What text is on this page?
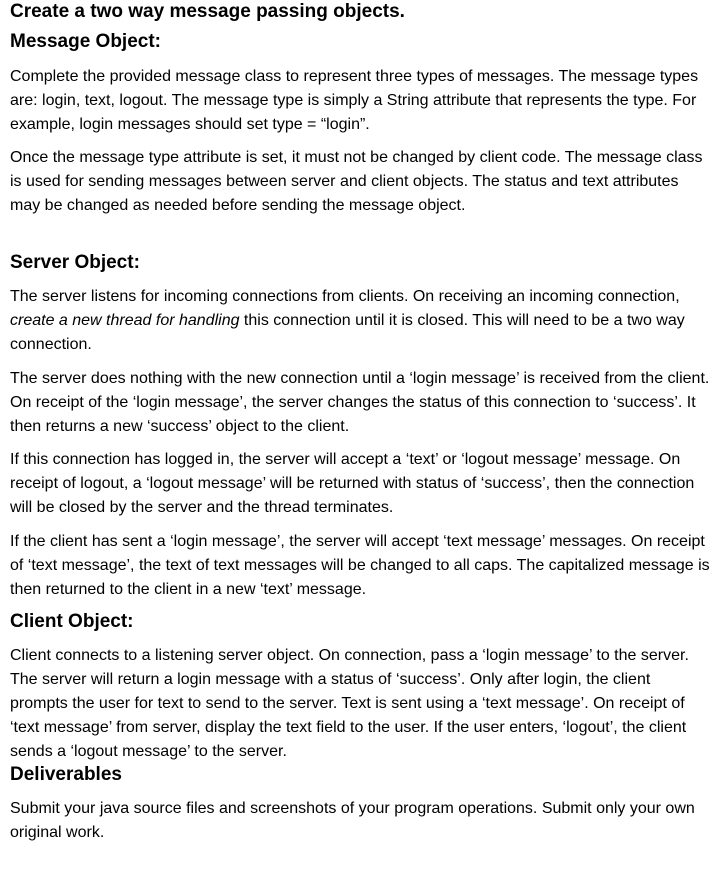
Create a two way message passing objects.
Message Object:

Complete the provided message class to represent three types of messages. The message types are: login, text, logout. The message type is simply a String attribute that represents the type. For example, login messages should set type = “login”.

Once the message type attribute is set, it must not be changed by client code. The message class is used for sending messages between server and client objects. The status and text attributes may be changed as needed before sending the message object.

Server Object:

The server listens for incoming connections from clients. On receiving an incoming connection, create a new thread for handling this connection until it is closed. This will need to be a two way connection.

The server does nothing with the new connection until a ‘login message’ is received from the client. On receipt of the ‘login message’, the server changes the status of this connection to ‘success’. It then returns a new ‘success’ object to the client.

If this connection has logged in, the server will accept a ‘text’ or ‘logout message’ message. On receipt of logout, a ‘logout message’ will be returned with status of ‘success’, then the connection will be closed by the server and the thread terminates.

If the client has sent a ‘login message’, the server will accept ‘text message’ messages. On receipt of ‘text message’, the text of text messages will be changed to all caps. The capitalized message is then returned to the client in a new ‘text’ message.

Client Object:

Client connects to a listening server object. On connection, pass a ‘login message’ to the server. The server will return a login message with a status of ‘success’. Only after login, the client prompts the user for text to send to the server. Text is sent using a ‘text message’. On receipt of ‘text message’ from server, display the text field to the user. If the user enters, ‘logout’, the client sends a ‘logout message’ to the server.

Deliverables

Submit your java source files and screenshots of your program operations. Submit only your own original work.
